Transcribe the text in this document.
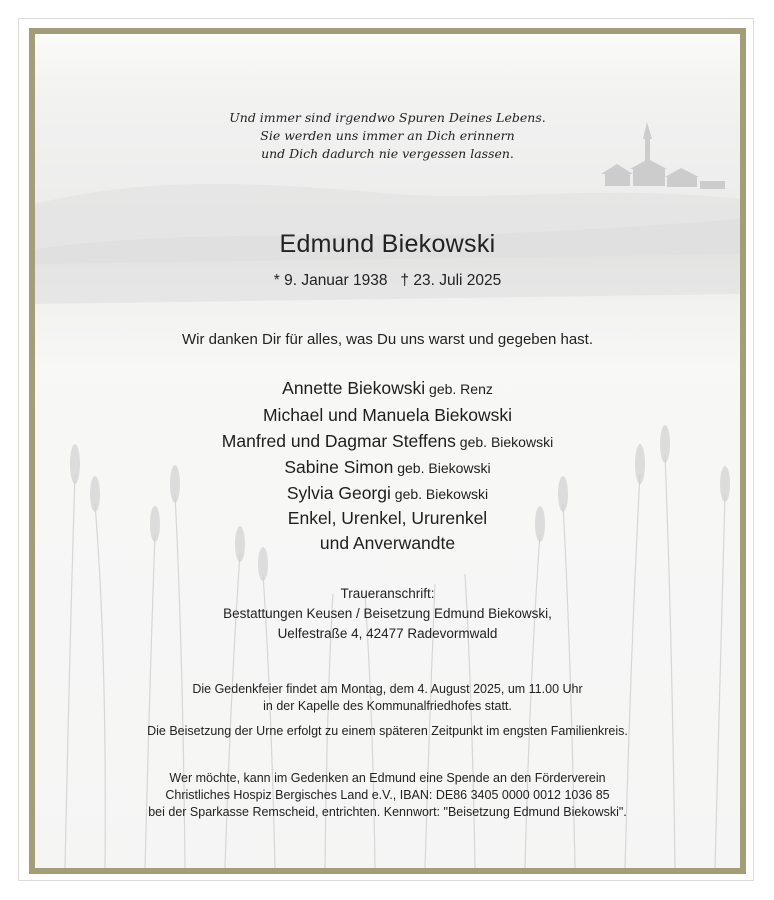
Und immer sind irgendwo Spuren Deines Lebens.
Sie werden uns immer an Dich erinnern
und Dich dadurch nie vergessen lassen.
Edmund Biekowski
* 9. Januar 1938   † 23. Juli 2025
Wir danken Dir für alles, was Du uns warst und gegeben hast.
Annette Biekowski geb. Renz
Michael und Manuela Biekowski
Manfred und Dagmar Steffens geb. Biekowski
Sabine Simon geb. Biekowski
Sylvia Georgi geb. Biekowski
Enkel, Urenkel, Ururenkel
und Anverwandte
Traueranschrift:
Bestattungen Keusen / Beisetzung Edmund Biekowski,
Uelfestraße 4, 42477 Radevormwald
Die Gedenkfeier findet am Montag, dem 4. August 2025, um 11.00 Uhr
in der Kapelle des Kommunalfriedhofes statt.
Die Beisetzung der Urne erfolgt zu einem späteren Zeitpunkt im engsten Familienkreis.
Wer möchte, kann im Gedenken an Edmund eine Spende an den Förderverein
Christliches Hospiz Bergisches Land e.V., IBAN: DE86 3405 0000 0012 1036 85
bei der Sparkasse Remscheid, entrichten. Kennwort: "Beisetzung Edmund Biekowski".
